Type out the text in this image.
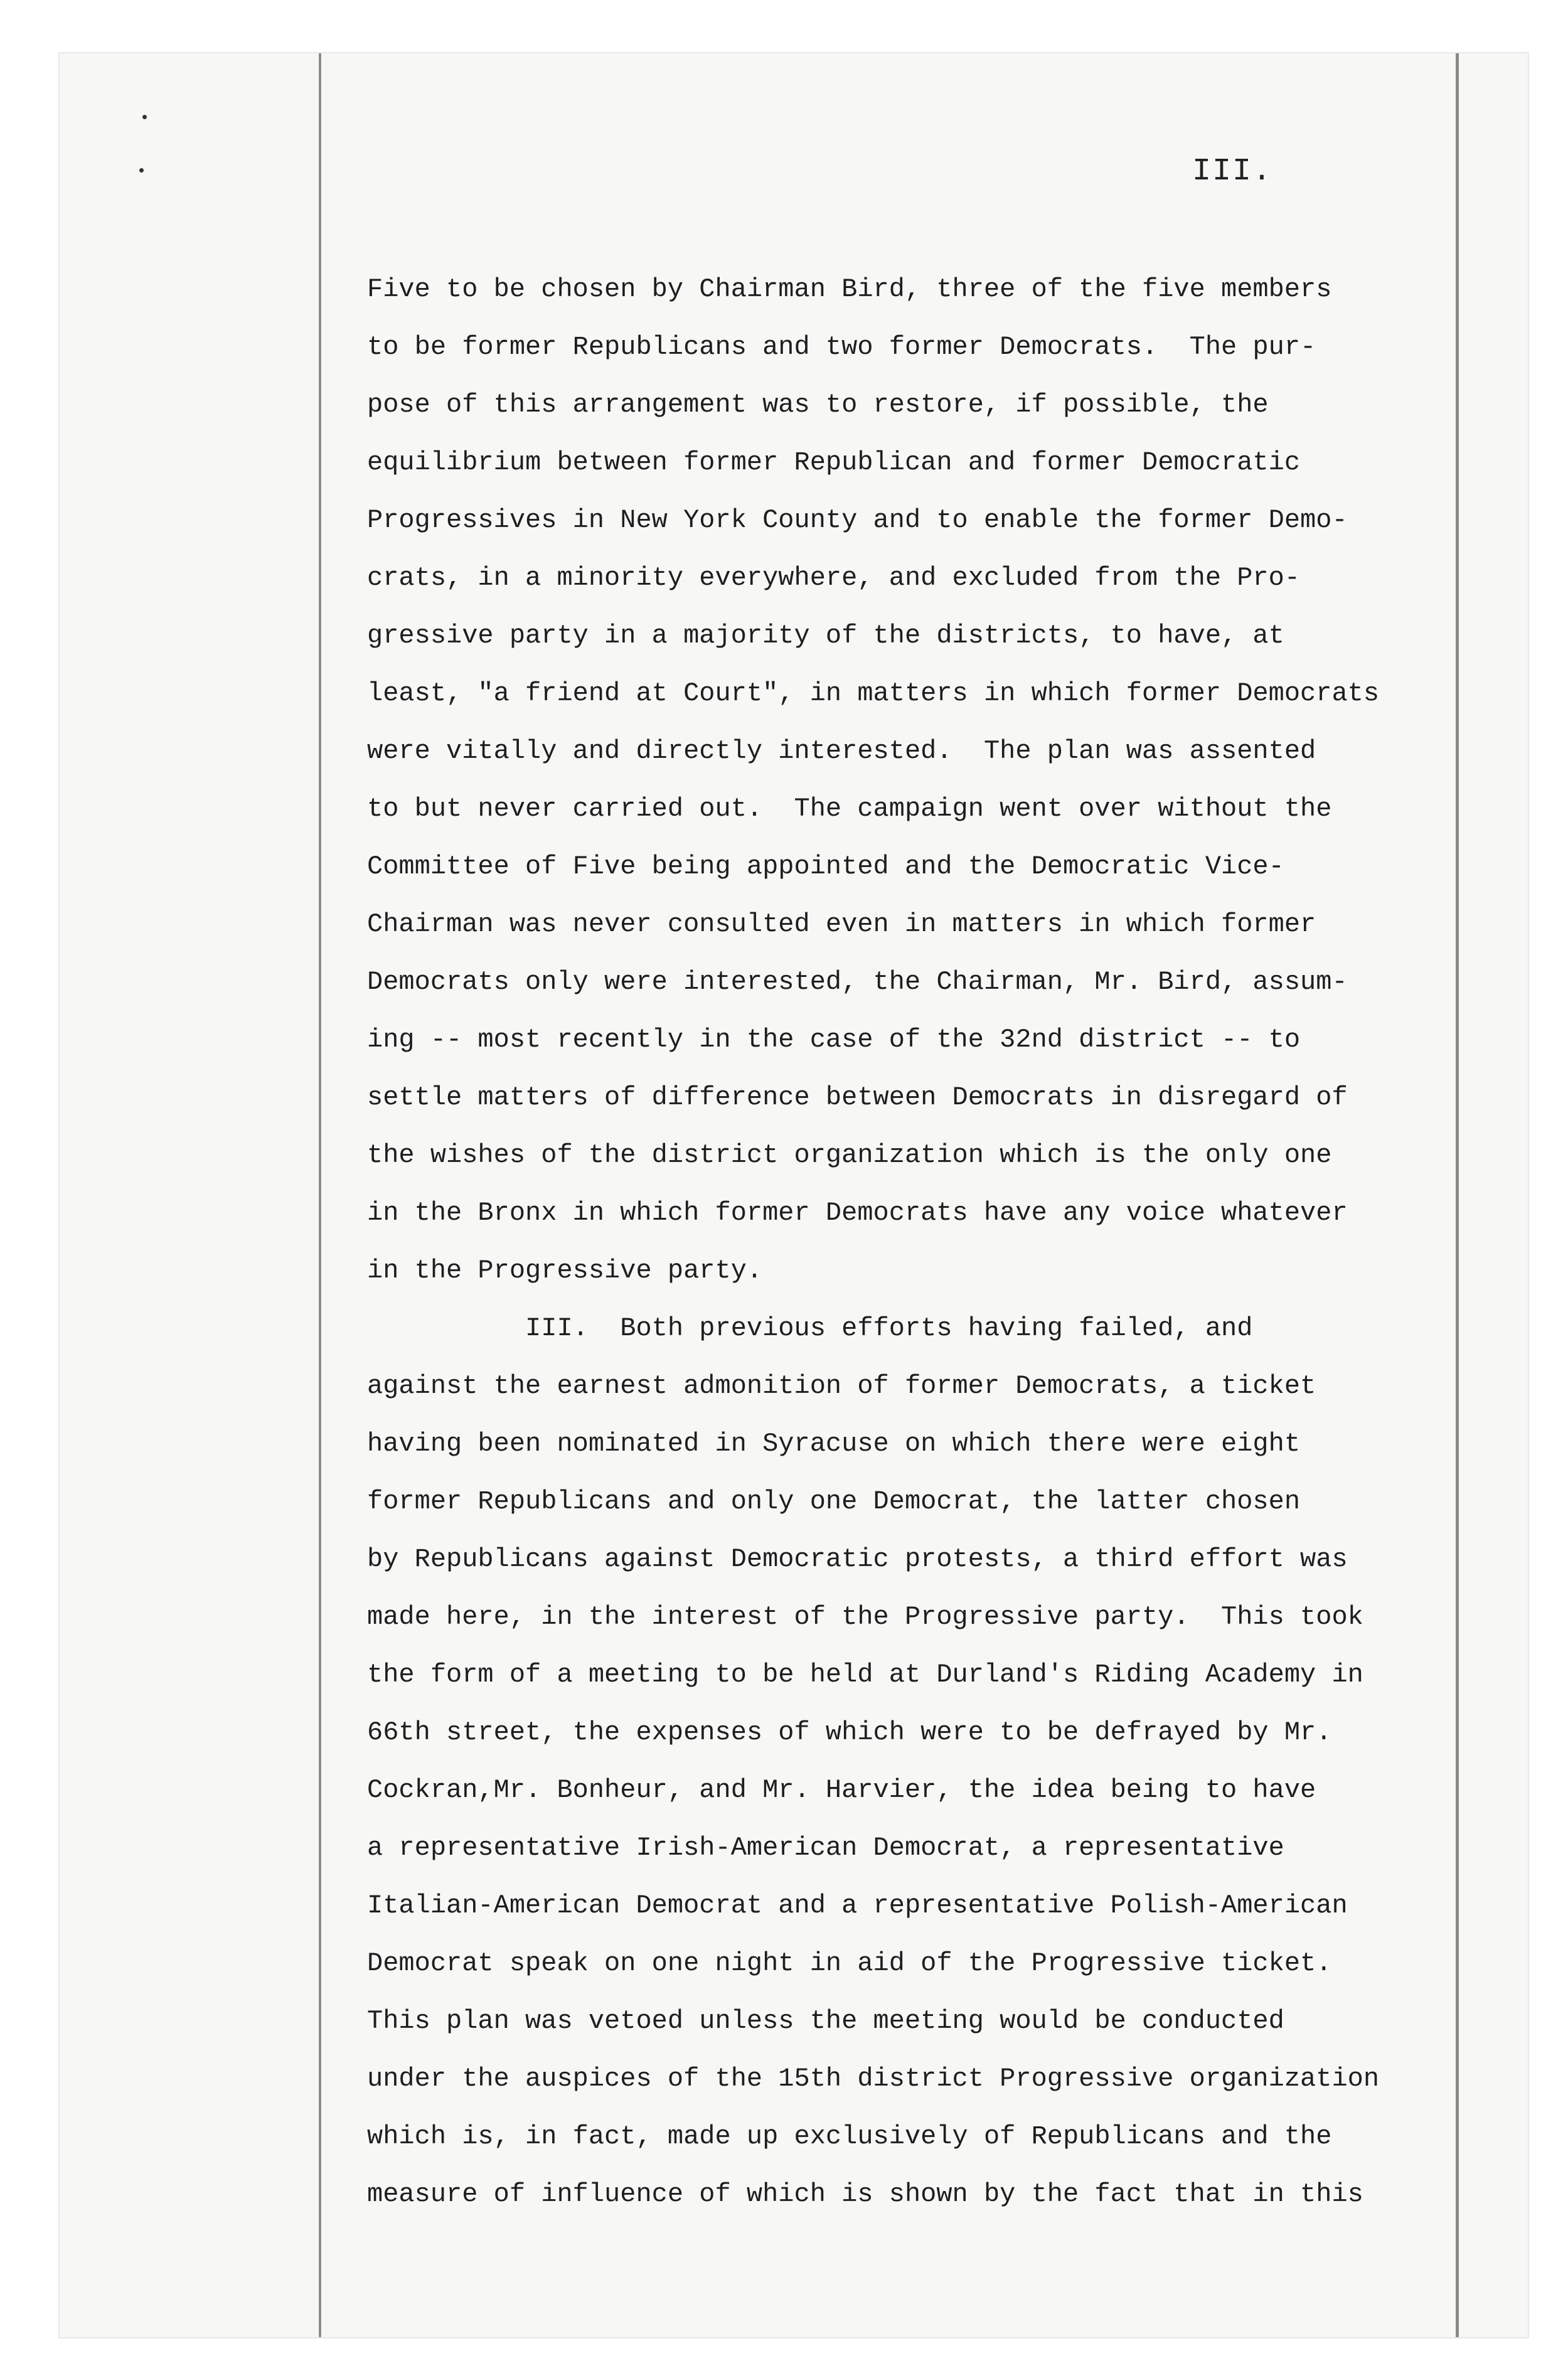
III.
Five to be chosen by Chairman Bird, three of the five members
to be former Republicans and two former Democrats.  The pur-
pose of this arrangement was to restore, if possible, the
equilibrium between former Republican and former Democratic
Progressives in New York County and to enable the former Demo-
crats, in a minority everywhere, and excluded from the Pro-
gressive party in a majority of the districts, to have, at
least, "a friend at Court", in matters in which former Democrats
were vitally and directly interested.  The plan was assented
to but never carried out.  The campaign went over without the
Committee of Five being appointed and the Democratic Vice-
Chairman was never consulted even in matters in which former
Democrats only were interested, the Chairman, Mr. Bird, assum-
ing -- most recently in the case of the 32nd district -- to
settle matters of difference between Democrats in disregard of
the wishes of the district organization which is the only one
in the Bronx in which former Democrats have any voice whatever
in the Progressive party.
III.  Both previous efforts having failed, and
against the earnest admonition of former Democrats, a ticket
having been nominated in Syracuse on which there were eight
former Republicans and only one Democrat, the latter chosen
by Republicans against Democratic protests, a third effort was
made here, in the interest of the Progressive party.  This took
the form of a meeting to be held at Durland's Riding Academy in
66th street, the expenses of which were to be defrayed by Mr.
Cockran,Mr. Bonheur, and Mr. Harvier, the idea being to have
a representative Irish-American Democrat, a representative
Italian-American Democrat and a representative Polish-American
Democrat speak on one night in aid of the Progressive ticket.
This plan was vetoed unless the meeting would be conducted
under the auspices of the 15th district Progressive organization
which is, in fact, made up exclusively of Republicans and the
measure of influence of which is shown by the fact that in this
